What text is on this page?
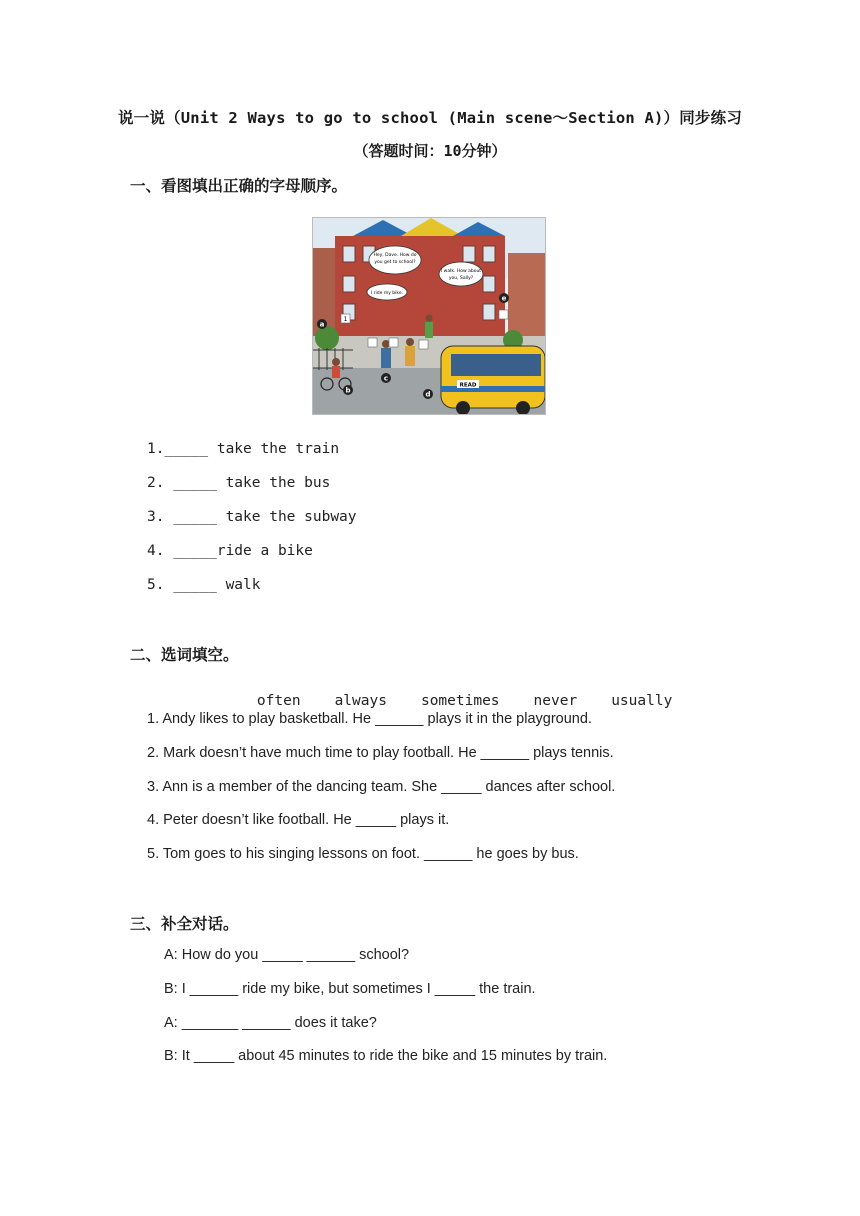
说一说（Unit 2 Ways to go to school (Main scene～Section A)）同步练习
（答题时间：10分钟）
一、看图填出正确的字母顺序。
Hey, Dave. How do
you get to school?
I walk. How about
you, Sally?
I ride my bike.
READ
a
b
c
d
e
1
1._____ take the train
2. _____ take the bus
3. _____ take the subway
4. _____ride a bike
5. _____ walk
二、选词填空。

often always sometimes never usually

1. Andy likes to play basketball. He ______ plays it in the playground.
2. Mark doesn’t have much time to play football. He ______ plays tennis.
3. Ann is a member of the dancing team. She _____ dances after school.
4. Peter doesn’t like football. He _____ plays it.
5. Tom goes to his singing lessons on foot. ______ he goes by bus.
三、补全对话。
A: How do you _____ ______ school?
B: I ______ ride my bike, but sometimes I _____ the train.
A: _______ ______ does it take?
B: It _____ about 45 minutes to ride the bike and 15 minutes by train.
